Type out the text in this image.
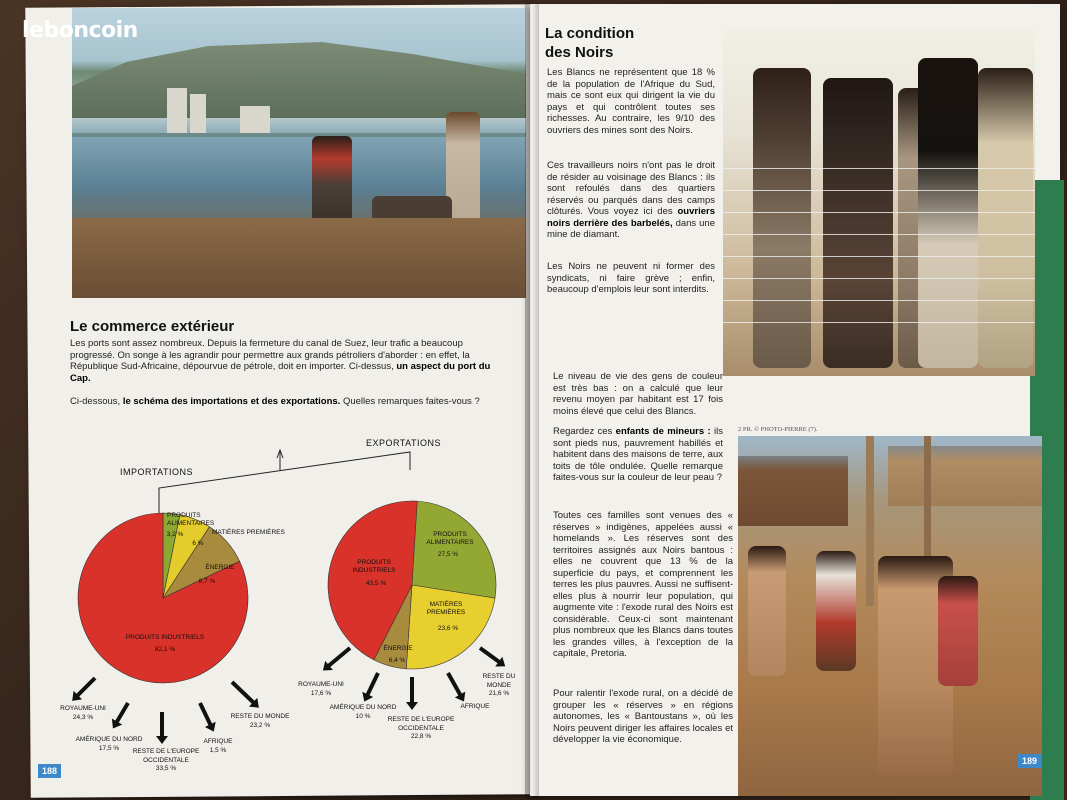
leboncoin
Le commerce extérieur
Les ports sont assez nombreux. Depuis la fermeture du canal de Suez, leur trafic a beaucoup progressé. On songe à les agrandir pour permettre aux grands pétroliers d'aborder : en effet, la République Sud-Africaine, dépourvue de pétrole, doit en importer. Ci-dessus, un aspect du port du Cap.
Ci-dessous, le schéma des importations et des exportations. Quelles remarques faites-vous ?
IMPORTATIONS
EXPORTATIONS
PRODUITS ALIMENTAIRES
3,2 %	MATIÈRES PREMIÈRES
6 %
ÉNERGIE
8,7 %
PRODUITS INDUSTRIELS
82,1 %
PRODUITS ALIMENTAIRES
27,5 %
MATIÈRES PREMIÈRES
23,6 %
ÉNERGIE
6,4 %
PRODUITS INDUSTRIELS
43,5 %
ROYAUME-UNI
24,3 %
AMÉRIQUE DU NORD
17,5 %	RESTE DE L'EUROPE OCCIDENTALE
33,5 %
AFRIQUE
1,5 %
RESTE DU MONDE
23,2 %
ROYAUME-UNI
17,6 %
AMÉRIQUE DU NORD
10 %	RESTE DE L'EUROPE OCCIDENTALE
22,8 %
AFRIQUE
RESTE DU MONDE
21,6 %
188
La condition
des Noirs
Les Blancs ne représentent que 18 % de la population de l'Afrique du Sud, mais ce sont eux qui dirigent la vie du pays et qui contrôlent toutes ses richesses. Au contraire, les 9/10 des ouvriers des mines sont des Noirs.
Ces travailleurs noirs n'ont pas le droit de résider au voisinage des Blancs : ils sont refoulés dans des quartiers réservés ou parqués dans des camps clôturés. Vous voyez ici des ouvriers noirs derrière des barbelés, dans une mine de diamant.
Les Noirs ne peuvent ni former des syndicats, ni faire grève ; enfin, beaucoup d'emplois leur sont interdits.
Le niveau de vie des gens de couleur est très bas : on a calculé que leur revenu moyen par habitant est 17 fois moins élevé que celui des Blancs.
Regardez ces enfants de mineurs : ils sont pieds nus, pauvrement habillés et habitent dans des maisons de terre, aux toits de tôle ondulée. Quelle remarque faites-vous sur la couleur de leur peau ?
Toutes ces familles sont venues des « réserves » indigènes, appelées aussi « homelands ». Les réserves sont des territoires assignés aux Noirs bantous : elles ne couvrent que 13 % de la superficie du pays, et comprennent les terres les plus pauvres. Aussi ne suffisent-elles plus à nourrir leur population, qui augmente vite : l'exode rural des Noirs est considérable. Ceux-ci sont maintenant plus nombreux que les Blancs dans toutes les grandes villes, à l'exception de la capitale, Pretoria.
Pour ralentir l'exode rural, on a décidé de grouper les « réserves » en régions autonomes, les « Bantoustans », où les Noirs peuvent diriger les affaires locales et développer la vie économique.
2 PR. © PHOTO-PIERRE (7).
189
